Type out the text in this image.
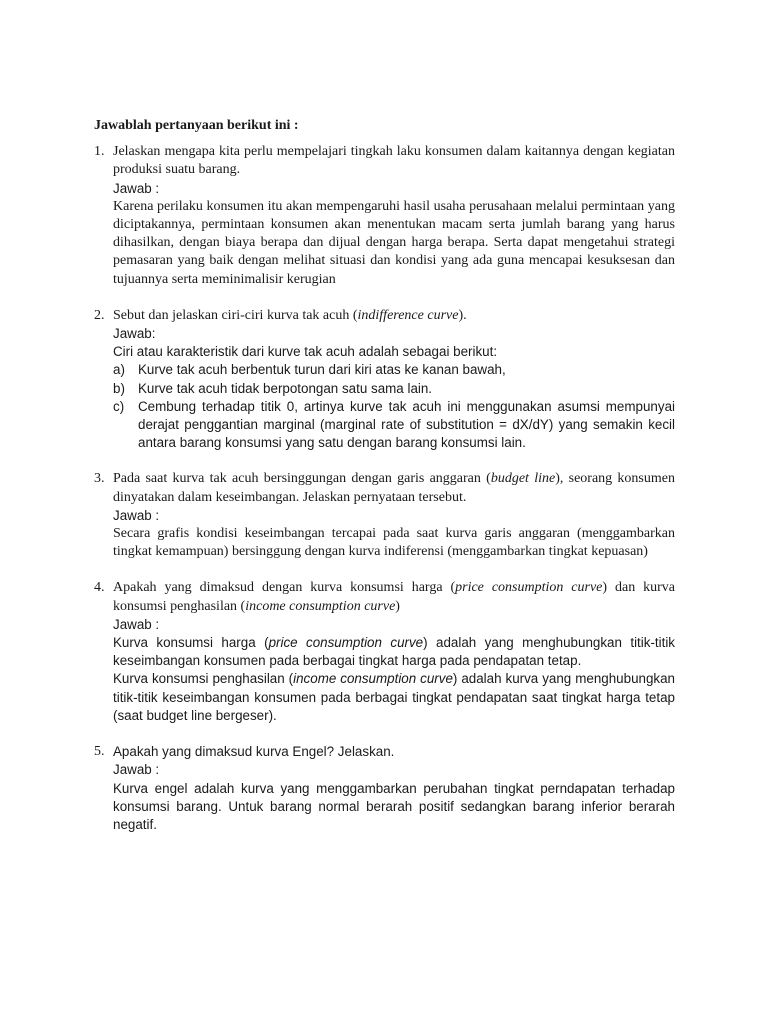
Jawablah pertanyaan berikut ini :

1. Jelaskan mengapa kita perlu mempelajari tingkah laku konsumen dalam kaitannya dengan kegiatan produksi suatu barang.

Jawab :

Karena perilaku konsumen itu akan mempengaruhi hasil usaha perusahaan melalui permintaan yang diciptakannya, permintaan konsumen akan menentukan macam serta jumlah barang yang harus dihasilkan, dengan biaya berapa dan dijual dengan harga berapa. Serta dapat mengetahui strategi pemasaran yang baik dengan melihat situasi dan kondisi yang ada guna mencapai kesuksesan dan tujuannya serta meminimalisir kerugian

2. Sebut dan jelaskan ciri-ciri kurva tak acuh (indifference curve).

Jawab:

Ciri atau karakteristik dari kurve tak acuh adalah sebagai berikut:

a) Kurve tak acuh berbentuk turun dari kiri atas ke kanan bawah,
b) Kurve tak acuh tidak berpotongan satu sama lain.
c) Cembung terhadap titik 0, artinya kurve tak acuh ini menggunakan asumsi mempunyai derajat penggantian marginal (marginal rate of substitution = dX/dY) yang semakin kecil antara barang konsumsi yang satu dengan barang konsumsi lain.
3. Pada saat kurva tak acuh bersinggungan dengan garis anggaran (budget line), seorang konsumen dinyatakan dalam keseimbangan. Jelaskan pernyataan tersebut.

Jawab :

Secara grafis kondisi keseimbangan tercapai pada saat kurva garis anggaran (menggambarkan tingkat kemampuan) bersinggung dengan kurva indiferensi (menggambarkan tingkat kepuasan)

4. Apakah yang dimaksud dengan kurva konsumsi harga (price consumption curve) dan kurva konsumsi penghasilan (income consumption curve)

Jawab :

Kurva konsumsi harga (price consumption curve) adalah yang menghubungkan titik-titik keseimbangan konsumen pada berbagai tingkat harga pada pendapatan tetap.

Kurva konsumsi penghasilan (income consumption curve) adalah kurva yang menghubungkan titik-titik keseimbangan konsumen pada berbagai tingkat pendapatan saat tingkat harga tetap (saat budget line bergeser).

5. Apakah yang dimaksud kurva Engel? Jelaskan.

Jawab :

Kurva engel adalah kurva yang menggambarkan perubahan tingkat perndapatan terhadap konsumsi barang. Untuk barang normal berarah positif sedangkan barang inferior berarah negatif.
